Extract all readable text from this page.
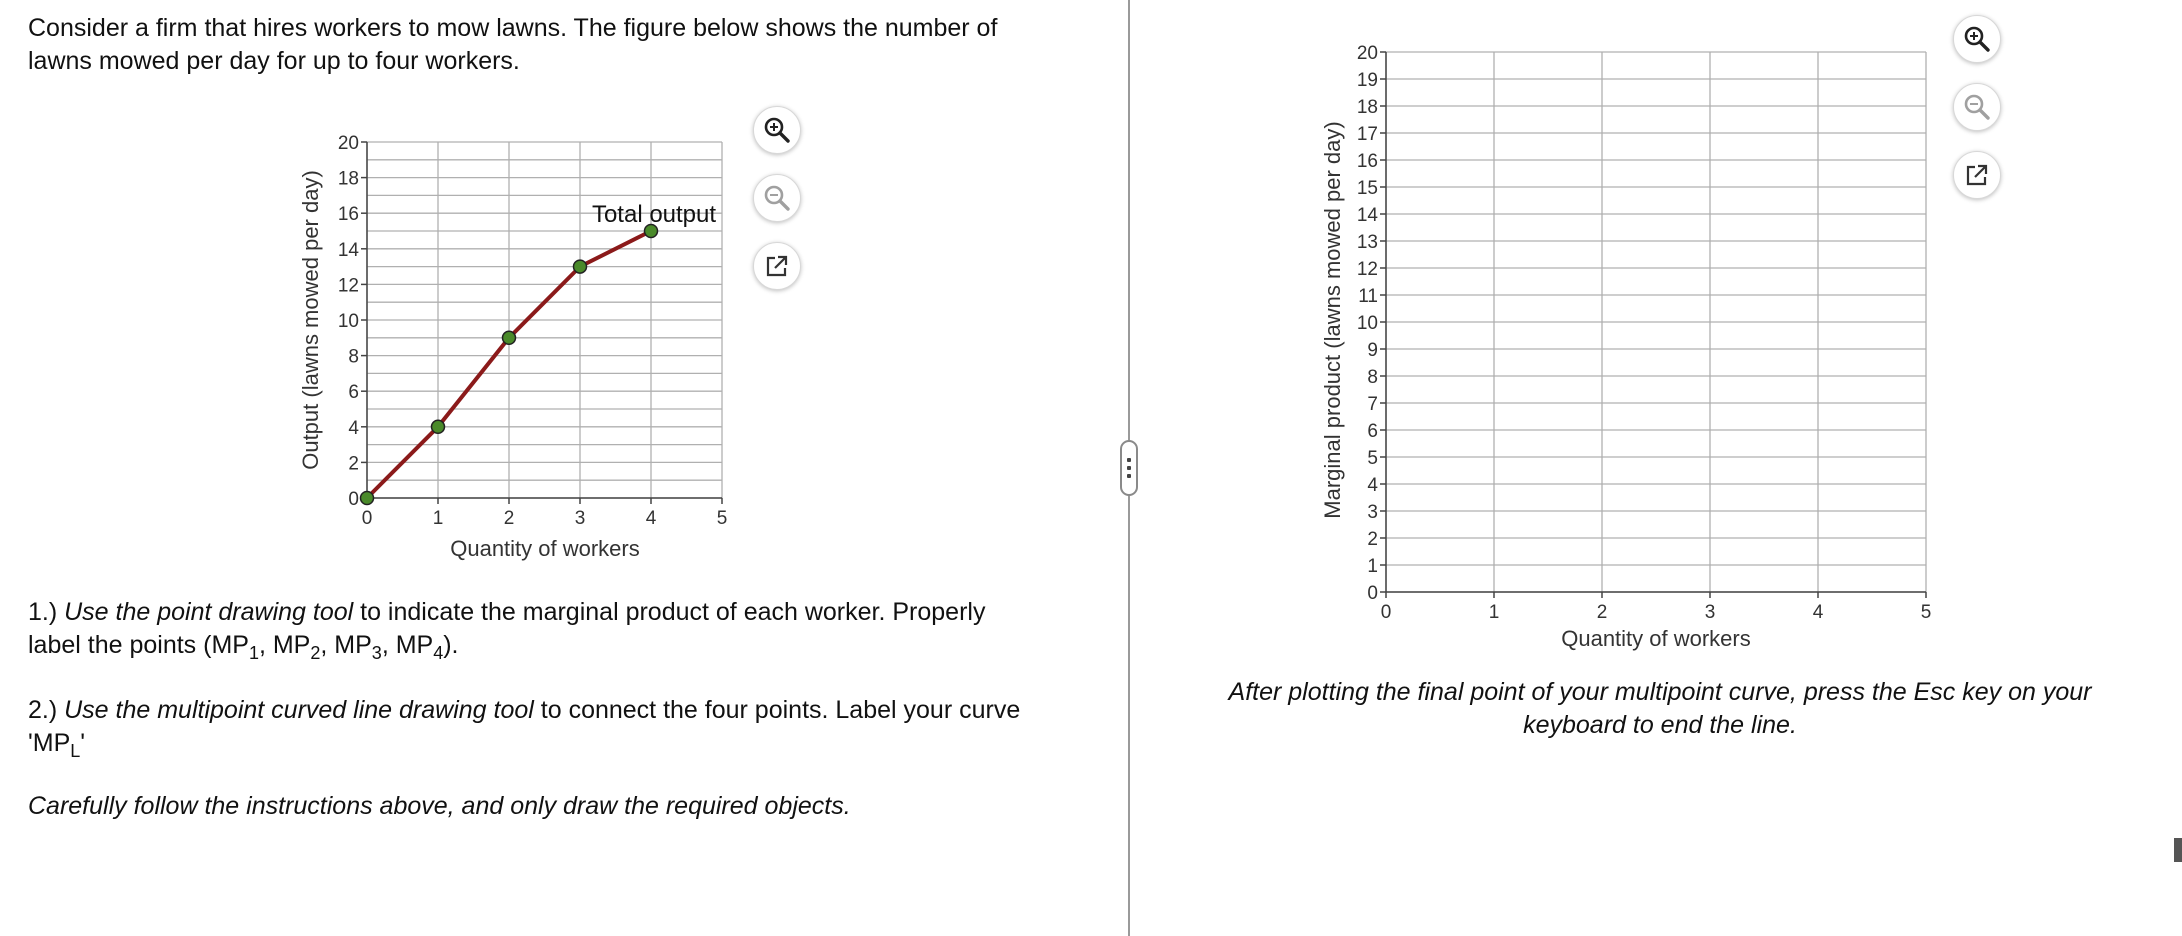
Consider a firm that hires workers to mow lawns. The figure below shows the number of
lawns mowed per day for up to four workers.
0
2
4
6
8
10
12
14
16
18
20
0	1	2	3	4	5
Output (lawns mowed per day)
Quantity of workers
Total output
1.) Use the point drawing tool to indicate the marginal product of each worker. Properly
label the points ($MP_1$, $MP_2$, $MP_3$, $MP_4$).
2.) Use the multipoint curved line drawing tool to connect the four points. Label your curve
'$MP_L$'
Carefully follow the instructions above, and only draw the required objects.
0
1
2
3
4
5
6
7
8
9
10
11
12
13
14
15
16
17
18
19
20
0	1	2	3	4	5
Marginal product (lawns mowed per day)
Quantity of workers
After plotting the final point of your multipoint curve, press the Esc key on your
keyboard to end the line.
